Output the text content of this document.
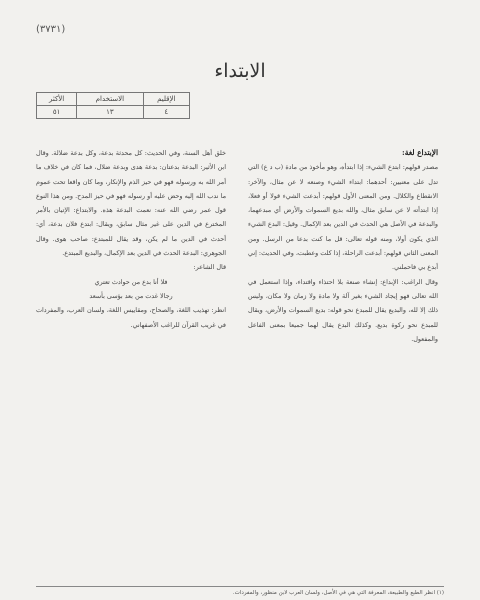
(٣٧٣١)
الابتداء
الإقليم	الاستخدام	الأكثر
٤	١٣	٥١

الإبتداع لغة:

مصدر قولهم: ابتدع الشيء: إذا ابتدأه، وهو مأخوذ من مادة (ب د ع) التي تدل على معنيين: أحدهما: ابتداء الشيء وصنعه لا عن مثال، والآخر: الانقطاع والكلال. ومن المعنى الأول قولهم: أبدعت الشيء قولا أو فعلا، إذا ابتدأته لا عن سابق مثال، والله بديع السموات والأرض أي مبدعهما، والبدعة في الأصل هي الحدث في الدين بعد الإكمال. وقيل: البدع الشيء الذي يكون أولا، ومنه قوله تعالى: قل ما كنت بدعا من الرسل. ومن المعنى الثاني قولهم: أبدعت الراحلة، إذا كلت وعطبت، وفي الحديث: إني أبدع بي فاحملني.

وقال الراغب: الإبداع: إنشاء صنعة بلا احتذاء واقتداء، وإذا استعمل في الله تعالى فهو إيجاد الشيء بغير آلة ولا مادة ولا زمان ولا مكان، وليس ذلك إلا لله، والبديع يقال للمبدع نحو قوله: بديع السموات والأرض، ويقال للمبدع نحو ركوة بديع. وكذلك البدع يقال لهما جميعا بمعنى الفاعل والمفعول.

خلق أهل السنة، وفي الحديث: كل محدثة بدعة، وكل بدعة ضلالة. وقال ابن الأثير: البدعة بدعتان: بدعة هدى وبدعة ضلال، فما كان في خلاف ما أمر الله به ورسوله فهو في حيز الذم والإنكار، وما كان واقعا تحت عموم ما ندب الله إليه وحض عليه أو رسوله فهو في حيز المدح. ومن هذا النوع قول عمر رضي الله عنه: نعمت البدعة هذه. والابتداع: الإتيان بالأمر المخترع في الدين على غير مثال سابق، ويقال: ابتدع فلان بدعة، أي: أحدث في الدين ما لم يكن، وقد يقال للمبتدع: صاحب هوى. وقال الجوهري: البدعة الحدث في الدين بعد الإكمال، والبديع المبتدع.

قال الشاعر:

فلا أنا بدع من حوادث تعتري

رجالا غدت من بعد بؤسى بأسعد

انظر: تهذيب اللغة، والصحاح، ومقاييس اللغة، ولسان العرب، والمفردات في غريب القرآن للراغب الأصفهاني.

(١) انظر الطبع والطبيعة، المعرفة التي هي في الأصل، ولسان العرب لابن منظور، والمفردات.
